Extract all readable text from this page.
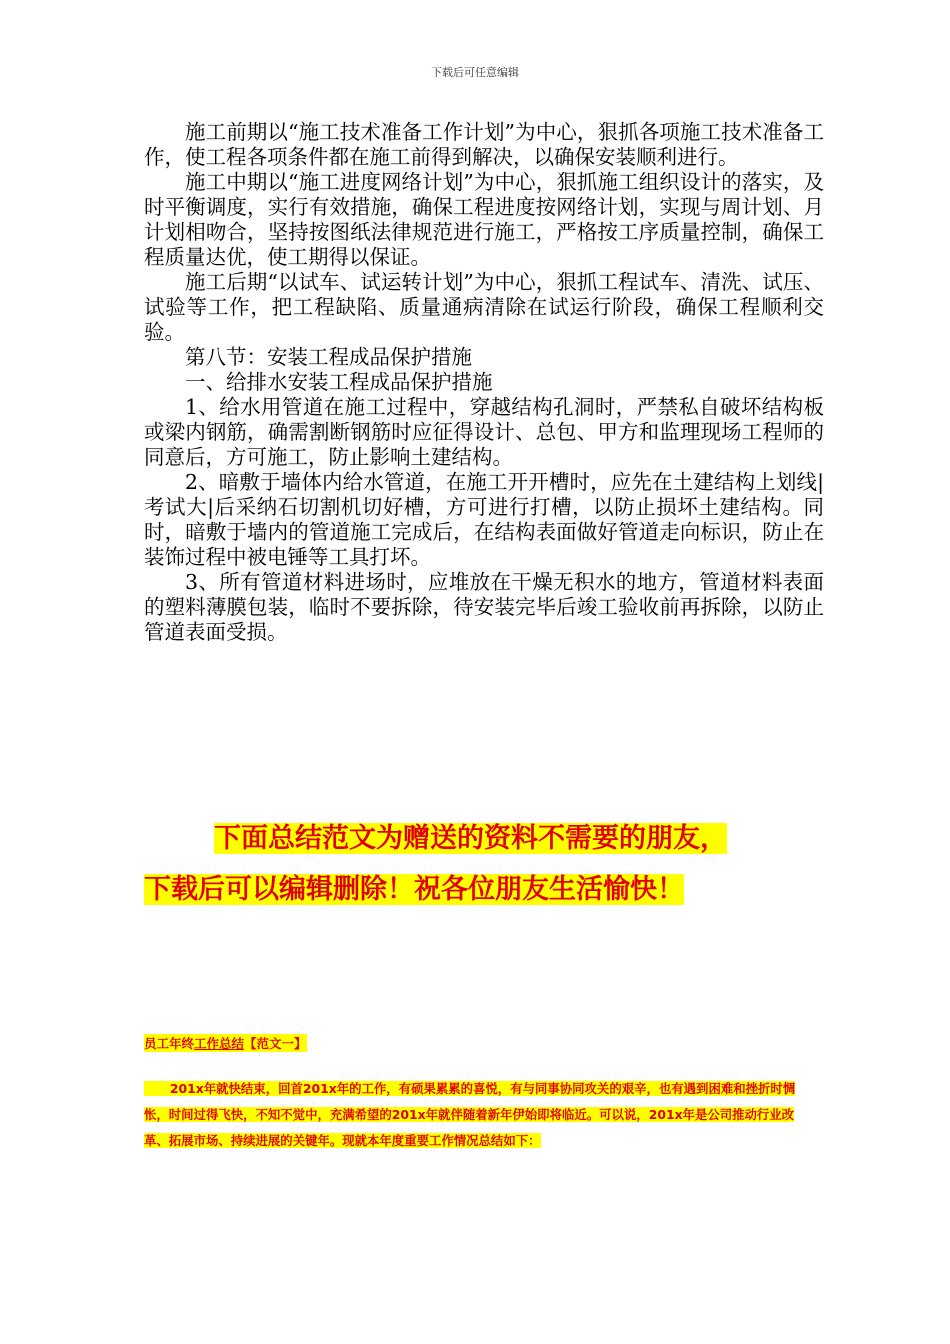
下载后可任意编辑

施工前期以“施工技术准备工作计划”为中心，狠抓各项施工技术准备工作，使工程各项条件都在施工前得到解决，以确保安装顺利进行。

施工中期以“施工进度网络计划”为中心，狠抓施工组织设计的落实，及时平衡调度，实行有效措施，确保工程进度按网络计划，实现与周计划、月计划相吻合，坚持按图纸法律规范进行施工，严格按工序质量控制，确保工程质量达优，使工期得以保证。

施工后期“以试车、试运转计划”为中心，狠抓工程试车、清洗、试压、试验等工作，把工程缺陷、质量通病清除在试运行阶段，确保工程顺利交验。

第八节：安装工程成品保护措施

一、给排水安装工程成品保护措施

1、给水用管道在施工过程中，穿越结构孔洞时，严禁私自破坏结构板或梁内钢筋，确需割断钢筋时应征得设计、总包、甲方和监理现场工程师的同意后，方可施工，防止影响土建结构。

2、暗敷于墙体内给水管道，在施工开开槽时，应先在土建结构上划线|考试大|后采纳石切割机切好槽，方可进行打槽，以防止损坏土建结构。同时，暗敷于墙内的管道施工完成后，在结构表面做好管道走向标识，防止在装饰过程中被电锤等工具打坏。

3、所有管道材料进场时，应堆放在干燥无积水的地方，管道材料表面的塑料薄膜包装，临时不要拆除，待安装完毕后竣工验收前再拆除，以防止管道表面受损。

下面总结范文为赠送的资料不需要的朋友，
下载后可以编辑删除！祝各位朋友生活愉快！
员工年终工作总结【范文一】
201x年就快结束，回首201x年的工作，有硕果累累的喜悦，有与同事协同攻关的艰辛，也有遇到困难和挫折时惆怅，时间过得飞快，不知不觉中，充满希望的201x年就伴随着新年伊始即将临近。可以说，201x年是公司推动行业改革、拓展市场、持续进展的关键年。现就本年度重要工作情况总结如下：
